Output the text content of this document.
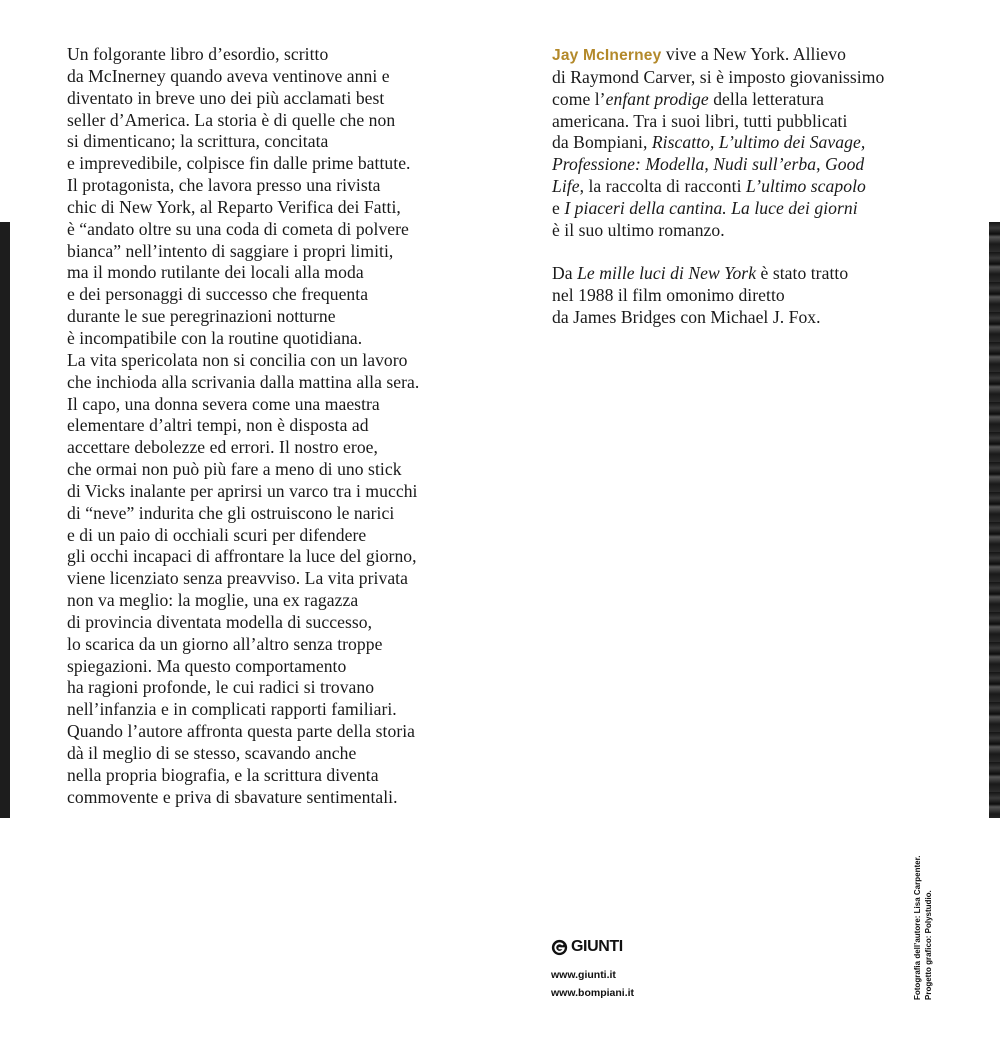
Un folgorante libro d’esordio, scritto
da McInerney quando aveva ventinove anni e
diventato in breve uno dei più acclamati best
seller d’America. La storia è di quelle che non
si dimenticano; la scrittura, concitata
e imprevedibile, colpisce fin dalle prime battute.
Il protagonista, che lavora presso una rivista
chic di New York, al Reparto Verifica dei Fatti,
è “andato oltre su una coda di cometa di polvere
bianca” nell’intento di saggiare i propri limiti,
ma il mondo rutilante dei locali alla moda
e dei personaggi di successo che frequenta
durante le sue peregrinazioni notturne
è incompatibile con la routine quotidiana.
La vita spericolata non si concilia con un lavoro
che inchioda alla scrivania dalla mattina alla sera.
Il capo, una donna severa come una maestra
elementare d’altri tempi, non è disposta ad
accettare debolezze ed errori. Il nostro eroe,
che ormai non può più fare a meno di uno stick
di Vicks inalante per aprirsi un varco tra i mucchi
di “neve” indurita che gli ostruiscono le narici
e di un paio di occhiali scuri per difendere
gli occhi incapaci di affrontare la luce del giorno,
viene licenziato senza preavviso. La vita privata
non va meglio: la moglie, una ex ragazza
di provincia diventata modella di successo,
lo scarica da un giorno all’altro senza troppe
spiegazioni. Ma questo comportamento
ha ragioni profonde, le cui radici si trovano
nell’infanzia e in complicati rapporti familiari.
Quando l’autore affronta questa parte della storia
dà il meglio di se stesso, scavando anche
nella propria biografia, e la scrittura diventa
commovente e priva di sbavature sentimentali.
Jay McInerney vive a New York. Allievo
di Raymond Carver, si è imposto giovanissimo
come l’enfant prodige della letteratura
americana. Tra i suoi libri, tutti pubblicati
da Bompiani, Riscatto, L’ultimo dei Savage,
Professione: Modella, Nudi sull’erba, Good
Life, la raccolta di racconti L’ultimo scapolo
e I piaceri della cantina. La luce dei giorni
è il suo ultimo romanzo.
Da Le mille luci di New York è stato tratto
nel 1988 il film omonimo diretto
da James Bridges con Michael J. Fox.
GIUNTI
www.giunti.it
www.bompiani.it	Fotografia dell’autore: Lisa Carpenter. Progetto grafico: Polystudio.
